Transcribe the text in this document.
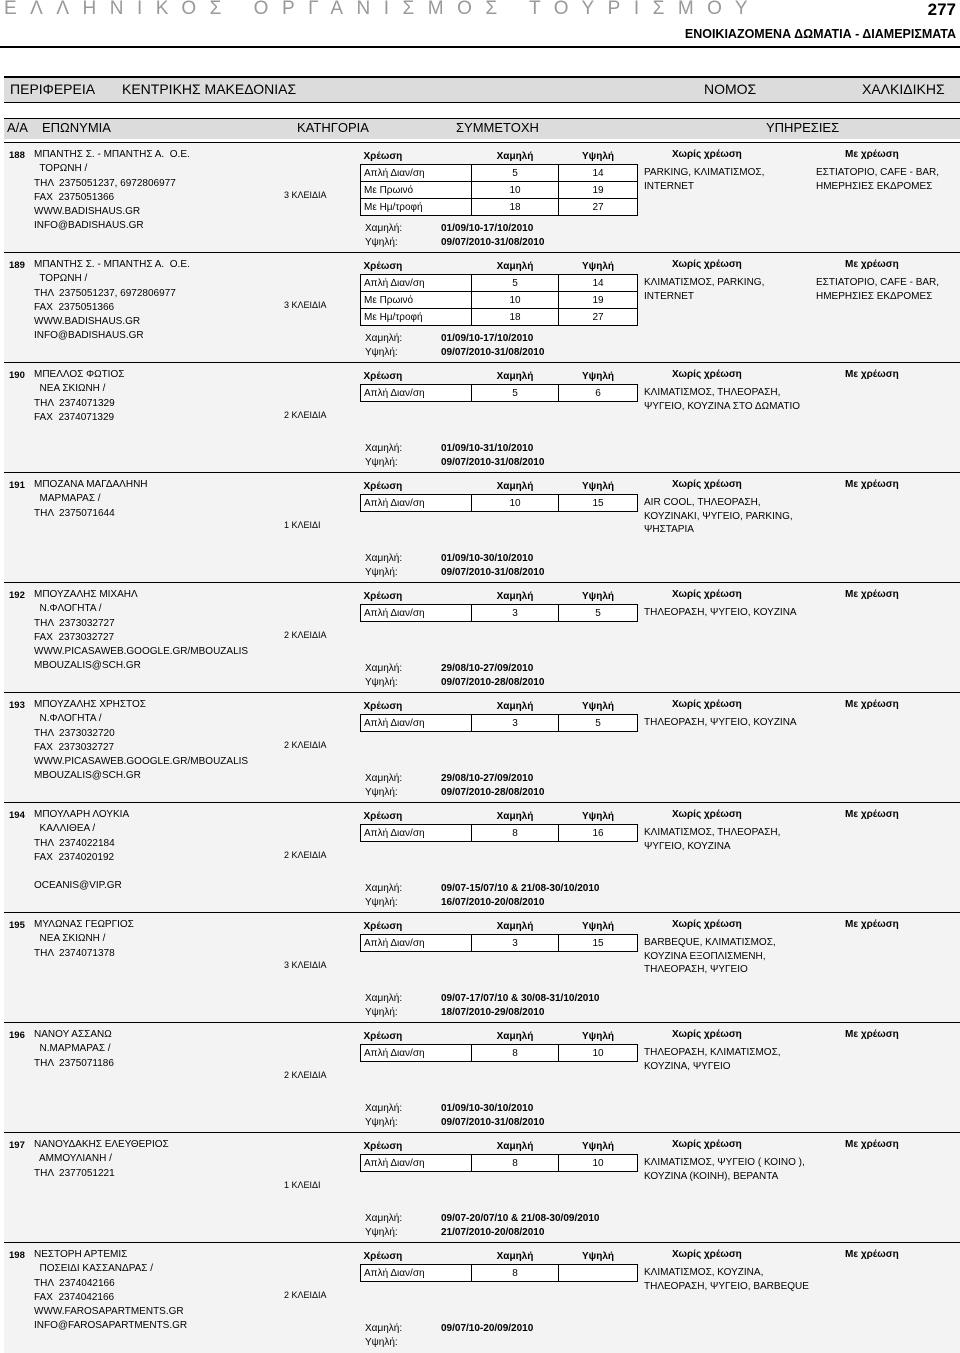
ΕΛΛΗΝΙΚΟΣ ΟΡΓΑΝΙΣΜΟΣ ΤΟΥΡΙΣΜΟΥ	277
ΕΝΟΙΚΙΑΖΟΜΕΝΑ ΔΩΜΑΤΙΑ - ΔΙΑΜΕΡΙΣΜΑΤΑ
ΠΕΡΙΦΕΡΕΙΑ ΚΕΝΤΡΙΚΗΣ ΜΑΚΕΔΟΝΙΑΣ	ΝΟΜΟΣ	ΧΑΛΚΙΔΙΚΗΣ
Α/Α ΕΠΩΝΥΜΙΑ	ΚΑΤΗΓΟΡΙΑ	ΣΥΜΜΕΤΟΧΗ	ΥΠΗΡΕΣΙΕΣ
188 ΜΠΑΝΤΗΣ Σ. - ΜΠΑΝΤΗΣ Α.  Ο.Ε.
ΤΟΡΩΝΗ /
ΤΗΛ  2375051237, 6972806977
FAX  2375051366
WWW.BADISHAUS.GR
INFO@BADISHAUS.GR
3 ΚΛΕΙΔΙΑ
Χρέωση	Χαμηλή	Υψηλή
Απλή Διαν/ση	5	14
Με Πρωινό	10	19
Με Ημ/τροφή	18	27
Χωρίς χρέωση	Με χρέωση
PARKING, ΚΛΙΜΑΤΙΣΜΟΣ, INTERNET
ΕΣΤΙΑΤΟΡΙΟ, CAFE - BAR, ΗΜΕΡΗΣΙΕΣ ΕΚΔΡΟΜΕΣ
Χαμηλή:	01/09/10-17/10/2010
Υψηλή:	09/07/2010-31/08/2010
189 ΜΠΑΝΤΗΣ Σ. - ΜΠΑΝΤΗΣ Α.  Ο.Ε.
ΤΟΡΩΝΗ /
ΤΗΛ  2375051237, 6972806977
FAX  2375051366
WWW.BADISHAUS.GR
INFO@BADISHAUS.GR
3 ΚΛΕΙΔΙΑ
Χρέωση	Χαμηλή	Υψηλή
Απλή Διαν/ση	5	14
Με Πρωινό	10	19
Με Ημ/τροφή	18	27
Χωρίς χρέωση	Με χρέωση
ΚΛΙΜΑΤΙΣΜΟΣ, PARKING, INTERNET
ΕΣΤΙΑΤΟΡΙΟ, CAFE - BAR, ΗΜΕΡΗΣΙΕΣ ΕΚΔΡΟΜΕΣ
Χαμηλή:	01/09/10-17/10/2010
Υψηλή:	09/07/2010-31/08/2010
190 ΜΠΕΛΛΟΣ ΦΩΤΙΟΣ
ΝΕΑ ΣΚΙΩΝΗ /
ΤΗΛ  2374071329
FAX  2374071329	2 ΚΛΕΙΔΙΑ
Χρέωση	Χαμηλή	Υψηλή
Απλή Διαν/ση	5	6
Χωρίς χρέωση	Με χρέωση
ΚΛΙΜΑΤΙΣΜΟΣ, ΤΗΛΕΟΡΑΣΗ, ΨΥΓΕΙΟ, ΚΟΥΖΙΝΑ ΣΤΟ ΔΩΜΑΤΙΟ
Χαμηλή:	01/09/10-31/10/2010
Υψηλή:	09/07/2010-31/08/2010
191 ΜΠΟΖΑΝΑ ΜΑΓΔΑΛΗΝΗ
ΜΑΡΜΑΡΑΣ /
ΤΗΛ  2375071644
1 ΚΛΕΙΔΙ
Χρέωση	Χαμηλή	Υψηλή
Απλή Διαν/ση	10	15
Χωρίς χρέωση	Με χρέωση
AIR COOL, ΤΗΛΕΟΡΑΣΗ, ΚΟΥΖΙΝΑΚΙ, ΨΥΓΕΙΟ, PARKING, ΨΗΣΤΑΡΙΑ
Χαμηλή:	01/09/10-30/10/2010
Υψηλή:	09/07/2010-31/08/2010
192 ΜΠΟΥΖΑΛΗΣ ΜΙΧΑΗΛ
Ν.ΦΛΟΓΗΤΑ /
ΤΗΛ  2373032727
FAX  2373032727
WWW.PICASAWEB.GOOGLE.GR/MBOUZALIS
MBOUZALIS@SCH.GR
2 ΚΛΕΙΔΙΑ
Χρέωση	Χαμηλή	Υψηλή
Απλή Διαν/ση	3	5
Χωρίς χρέωση	Με χρέωση
ΤΗΛΕΟΡΑΣΗ, ΨΥΓΕΙΟ, ΚΟΥΖΙΝΑ
Χαμηλή:	29/08/10-27/09/2010
Υψηλή:	09/07/2010-28/08/2010
193 ΜΠΟΥΖΑΛΗΣ ΧΡΗΣΤΟΣ
Ν.ΦΛΟΓΗΤΑ /
ΤΗΛ  2373032720
FAX  2373032727
WWW.PICASAWEB.GOOGLE.GR/MBOUZALIS
MBOUZALIS@SCH.GR
2 ΚΛΕΙΔΙΑ
Χρέωση	Χαμηλή	Υψηλή
Απλή Διαν/ση	3	5
Χωρίς χρέωση	Με χρέωση
ΤΗΛΕΟΡΑΣΗ, ΨΥΓΕΙΟ, ΚΟΥΖΙΝΑ
Χαμηλή:	29/08/10-27/09/2010
Υψηλή:	09/07/2010-28/08/2010
194 ΜΠΟΥΛΑΡΗ ΛΟΥΚΙΑ
ΚΑΛΛΙΘΕΑ /
ΤΗΛ  2374022184
FAX  2374020192

OCEANIS@VIP.GR
2 ΚΛΕΙΔΙΑ
Χρέωση	Χαμηλή	Υψηλή
Απλή Διαν/ση	8	16
Χωρίς χρέωση	Με χρέωση
ΚΛΙΜΑΤΙΣΜΟΣ, ΤΗΛΕΟΡΑΣΗ, ΨΥΓΕΙΟ, ΚΟΥΖΙΝΑ
Χαμηλή:	09/07-15/07/10 & 21/08-30/10/2010
Υψηλή:	16/07/2010-20/08/2010
195 ΜΥΛΩΝΑΣ ΓΕΩΡΓΙΟΣ
ΝΕΑ ΣΚΙΩΝΗ /
ΤΗΛ  2374071378
3 ΚΛΕΙΔΙΑ
Χρέωση	Χαμηλή	Υψηλή
Απλή Διαν/ση	3	15
Χωρίς χρέωση	Με χρέωση
BARBEQUE, ΚΛΙΜΑΤΙΣΜΟΣ, ΚΟΥΖΙΝΑ ΕΞΟΠΛΙΣΜΕΝΗ, ΤΗΛΕΟΡΑΣΗ, ΨΥΓΕΙΟ
Χαμηλή:	09/07-17/07/10 & 30/08-31/10/2010
Υψηλή:	18/07/2010-29/08/2010
196 ΝΑΝΟΥ ΑΣΣΑΝΩ
Ν.ΜΑΡΜΑΡΑΣ /
ΤΗΛ  2375071186
2 ΚΛΕΙΔΙΑ
Χρέωση	Χαμηλή	Υψηλή
Απλή Διαν/ση	8	10
Χωρίς χρέωση	Με χρέωση
ΤΗΛΕΟΡΑΣΗ, ΚΛΙΜΑΤΙΣΜΟΣ, ΚΟΥΖΙΝΑ, ΨΥΓΕΙΟ
Χαμηλή:	01/09/10-30/10/2010
Υψηλή:	09/07/2010-31/08/2010
197 ΝΑΝΟΥΔΑΚΗΣ ΕΛΕΥΘΕΡΙΟΣ
ΑΜΜΟΥΛΙΑΝΗ /
ΤΗΛ  2377051221
1 ΚΛΕΙΔΙ
Χρέωση	Χαμηλή	Υψηλή
Απλή Διαν/ση	8	10
Χωρίς χρέωση	Με χρέωση
ΚΛΙΜΑΤΙΣΜΟΣ, ΨΥΓΕΙΟ ( ΚΟΙΝΟ ), ΚΟΥΖΙΝΑ (ΚΟΙΝΗ), ΒΕΡΑΝΤΑ
Χαμηλή:	09/07-20/07/10 & 21/08-30/09/2010
Υψηλή:	21/07/2010-20/08/2010
198 ΝΕΣΤΟΡΗ ΑΡΤΕΜΙΣ
ΠΟΣΕΙΔΙ ΚΑΣΣΑΝΔΡΑΣ /
ΤΗΛ  2374042166
FAX  2374042166
WWW.FAROSAPARTMENTS.GR
INFO@FAROSAPARTMENTS.GR
2 ΚΛΕΙΔΙΑ
Χρέωση	Χαμηλή	Υψηλή
Απλή Διαν/ση	8	
Χωρίς χρέωση	Με χρέωση
ΚΛΙΜΑΤΙΣΜΟΣ, ΚΟΥΖΙΝΑ, ΤΗΛΕΟΡΑΣΗ, ΨΥΓΕΙΟ, BARBEQUE
Χαμηλή:	09/07/10-20/09/2010
Υψηλή:
